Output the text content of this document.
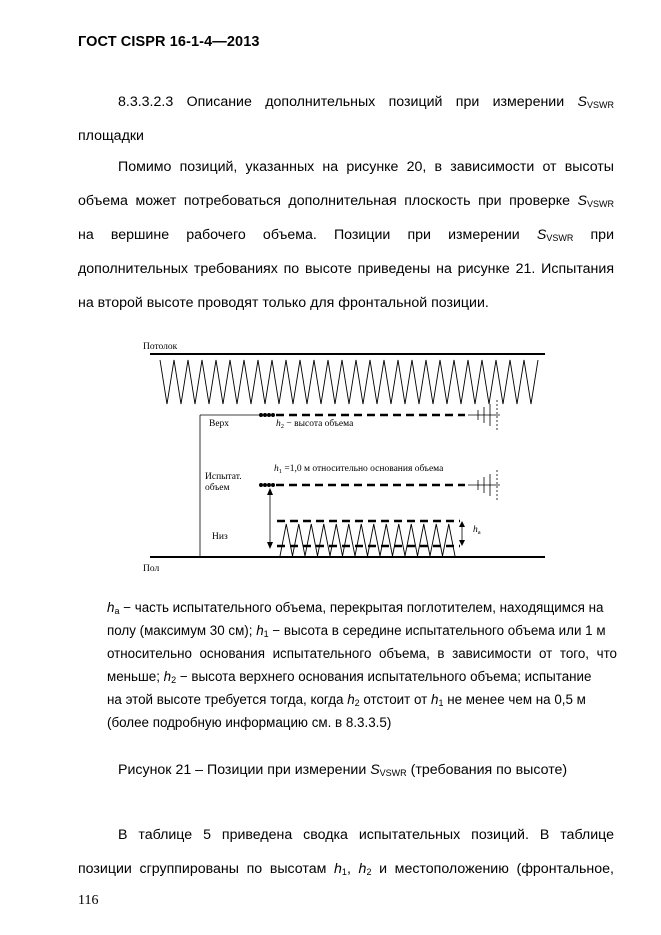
ГОСТ CISPR 16-1-4—2013

8.3.3.2.3 Описание дополнительных позиций при измерении $S_{VSWR}$

площадки

Помимо позиций, указанных на рисунке 20, в зависимости от высоты

объема может потребоваться дополнительная плоскость при проверке $S_{VSWR}$

на вершине рабочего объема. Позиции при измерении $S_{VSWR}$ при

дополнительных требованиях по высоте приведены на рисунке 21. Испытания

на второй высоте проводят только для фронтальной позиции.

Потолок
Верх
Испытат.
объем
Низ
$h_2$ − высота объема
$h_1 =1,0$ м относительно основания объема
$h_a$
Пол
$h_a$ − часть испытательного объема, перекрытая поглотителем, находящимся на
полу (максимум 30 см); $h_1$ − высота в середине испытательного объема или 1 м
относительно основания испытательного объема, в зависимости от того, что
меньше; $h_2$ − высота верхнего основания испытательного объема; испытание
на этой высоте требуется тогда, когда $h_2$ отстоит от $h_1$ не менее чем на 0,5 м
(более подробную информацию см. в 8.3.3.5)
Рисунок 21 – Позиции при измерении $S_{VSWR}$ (требования по высоте)

В таблице 5 приведена сводка испытательных позиций. В таблице

позиции сгруппированы по высотам $h_1$, $h_2$ и местоположению (фронтальное,

116
